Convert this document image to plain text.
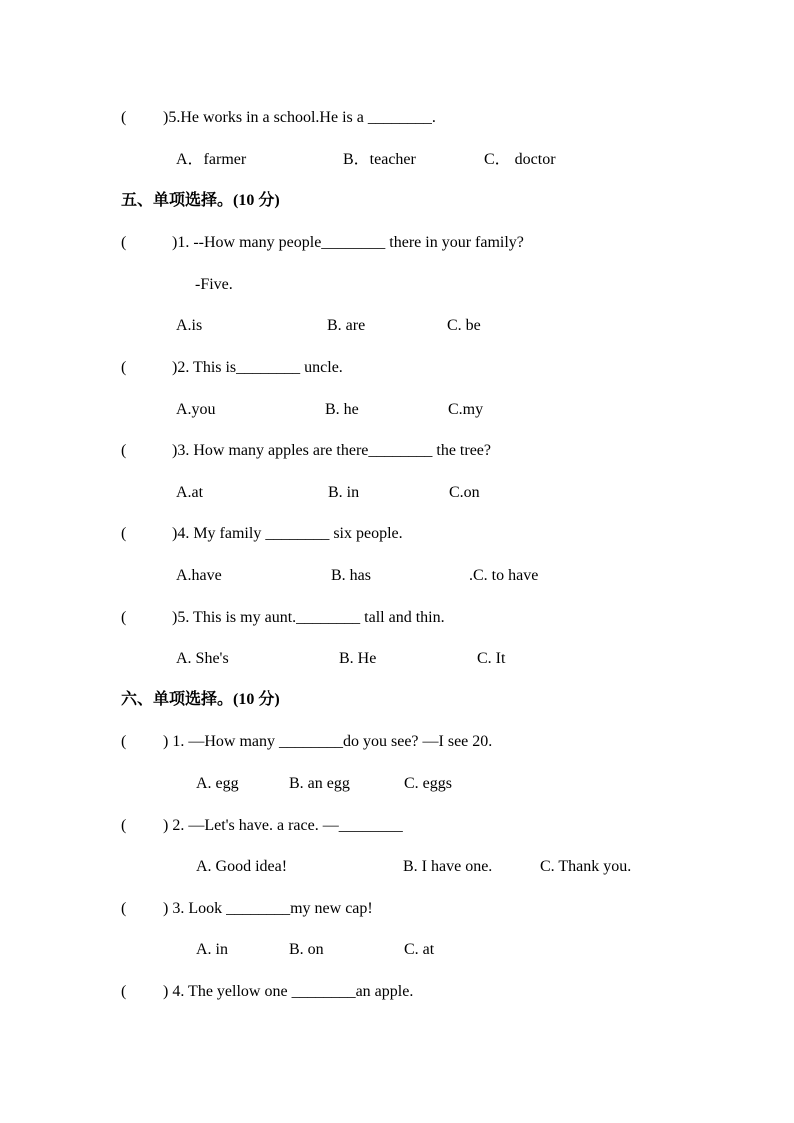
( )5.He works in a school.He is a ________.
A．farmer	B．teacher	C． doctor
五、单项选择。(10 分)
(	)1. --How many people________ there in your family?
-Five.
A.is	B. are	C. be
(	)2. This is________ uncle.
A.you	B. he	C.my
(	)3. How many apples are there________ the tree?
A.at	B. in	C.on
(	)4. My family ________ six people.
A.have	B. has	.C. to have
(	)5. This is my aunt.________ tall and thin.
A. She's	B. He	C. It
六、单项选择。(10 分)
( ) 1. —How many ________do you see? —I see 20.
A. egg	B. an egg	C. eggs
( ) 2. —Let's have. a race. —________
A. Good idea!	B. I have one.	C. Thank you.
( ) 3. Look ________my new cap!
A. in	B. on	C. at
( ) 4. The yellow one ________an apple.
